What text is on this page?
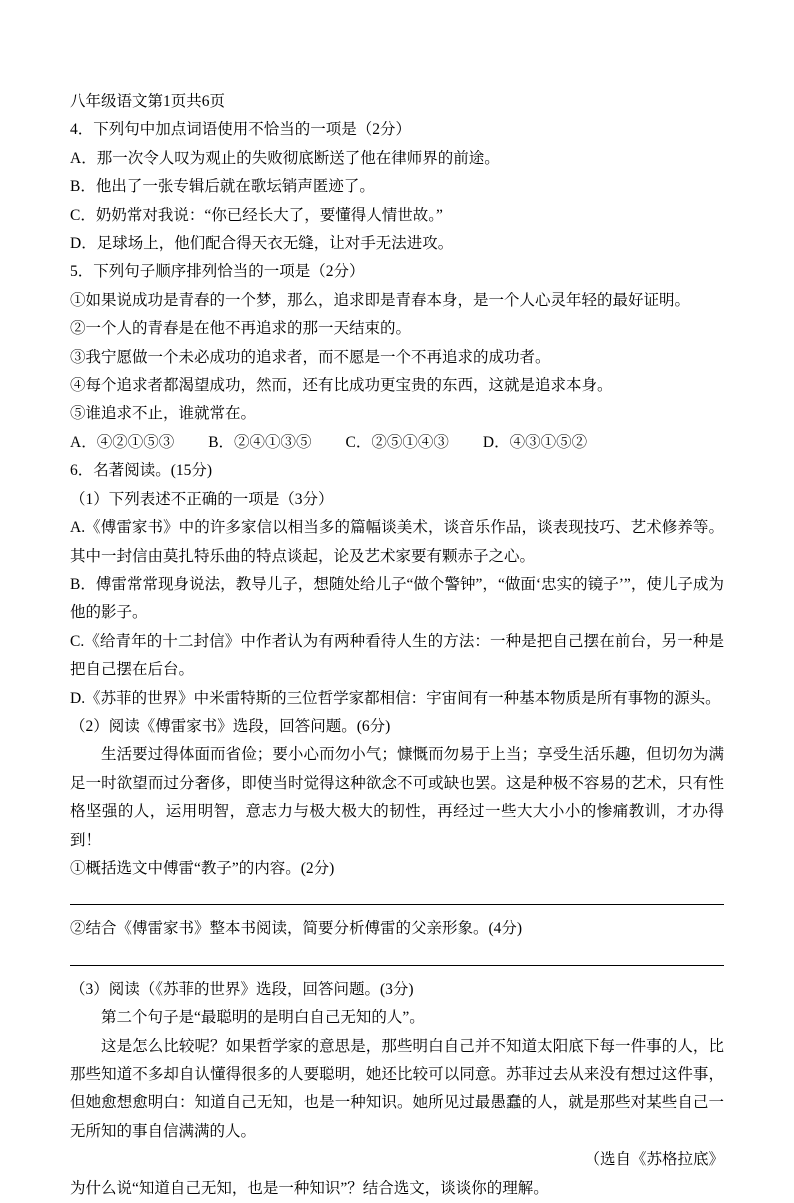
八年级语文第1页共6页
4．下列句中加点词语使用不恰当的一项是（2分）
A．那一次令人叹为观止的失败彻底断送了他在律师界的前途。
B．他出了一张专辑后就在歌坛销声匿迹了。
C．奶奶常对我说：“你已经长大了，要懂得人情世故。”
D．足球场上，他们配合得天衣无缝，让对手无法进攻。
5．下列句子顺序排列恰当的一项是（2分）
①如果说成功是青春的一个梦，那么，追求即是青春本身，是一个人心灵年轻的最好证明。
②一个人的青春是在他不再追求的那一天结束的。
③我宁愿做一个未必成功的追求者，而不愿是一个不再追求的成功者。
④每个追求者都渴望成功，然而，还有比成功更宝贵的东西，这就是追求本身。
⑤谁追求不止，谁就常在。
A．④②①⑤③ B．②④①③⑤ C．②⑤①④③ D．④③①⑤②
6．名著阅读。(15分)
（1）下列表述不正确的一项是（3分）
A.《傅雷家书》中的许多家信以相当多的篇幅谈美术，谈音乐作品，谈表现技巧、艺术修养等。其中一封信由莫扎特乐曲的特点谈起，论及艺术家要有颗赤子之心。
B．傅雷常常现身说法，教导儿子，想随处给儿子“做个警钟”，“做面‘忠实的镜子’”，使儿子成为他的影子。
C.《给青年的十二封信》中作者认为有两种看待人生的方法：一种是把自己摆在前台，另一种是把自己摆在后台。
D.《苏菲的世界》中米雷特斯的三位哲学家都相信：宇宙间有一种基本物质是所有事物的源头。
（2）阅读《傅雷家书》选段，回答问题。(6分)
生活要过得体面而省俭；要小心而勿小气；慷慨而勿易于上当；享受生活乐趣，但切勿为满足一时欲望而过分奢侈，即使当时觉得这种欲念不可或缺也罢。这是种极不容易的艺术，只有性格坚强的人，运用明智，意志力与极大极大的韧性，再经过一些大大小小的惨痛教训，才办得到！
①概括选文中傅雷“教子”的内容。(2分)
②结合《傅雷家书》整本书阅读，简要分析傅雷的父亲形象。(4分)
（3）阅读（《苏菲的世界》选段，回答问题。(3分)
第二个句子是“最聪明的是明白自己无知的人”。
这是怎么比较呢？如果哲学家的意思是，那些明白自己并不知道太阳底下每一件事的人，比那些知道不多却自认懂得很多的人要聪明，她还比较可以同意。苏菲过去从来没有想过这件事，但她愈想愈明白：知道自己无知，也是一种知识。她所见过最愚蠢的人，就是那些对某些自己一无所知的事自信满满的人。
（选自《苏格拉底》
为什么说“知道自己无知，也是一种知识”？结合选文，谈谈你的理解。
